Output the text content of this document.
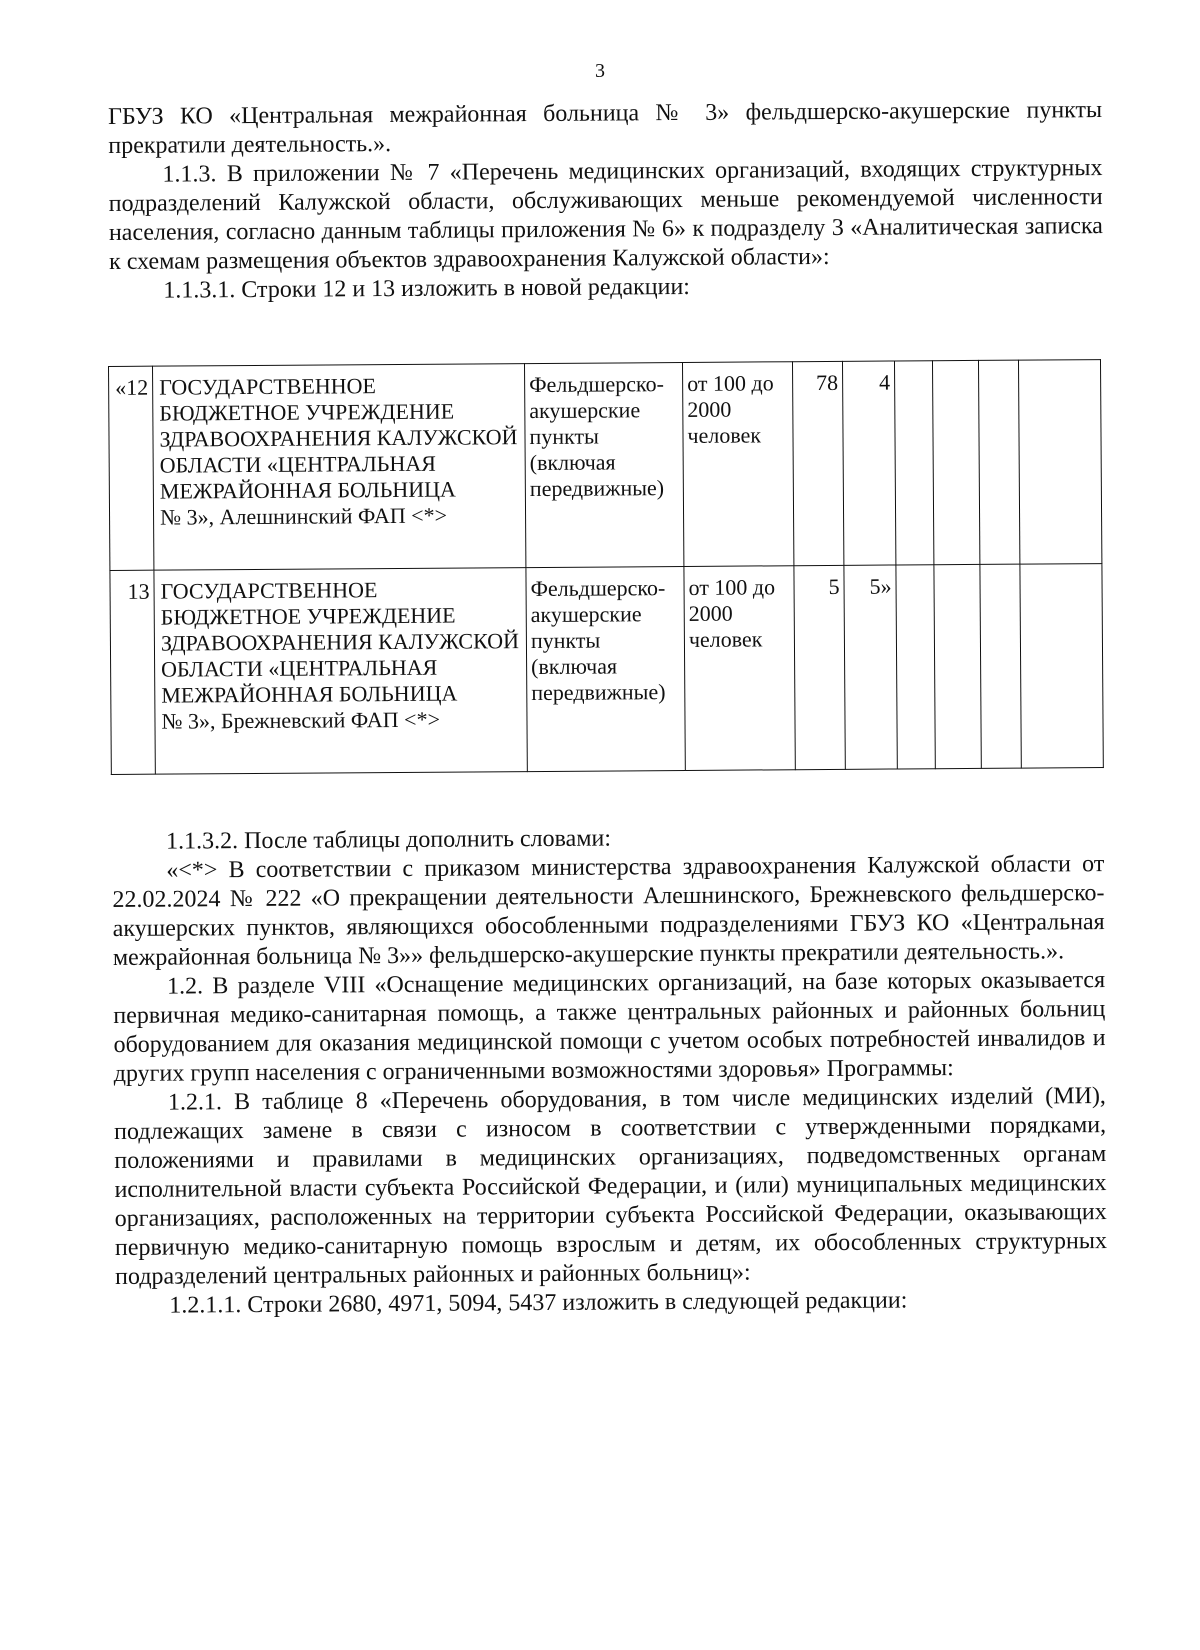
3

ГБУЗ КО «Центральная межрайонная больница № 3» фельдшерско-акушерские пункты прекратили деятельность.».

1.1.3. В приложении № 7 «Перечень медицинских организаций, входящих структурных подразделений Калужской области, обслуживающих меньше рекомендуемой численности населения, согласно данным таблицы приложения № 6» к подразделу 3 «Аналитическая записка к схемам размещения объектов здравоохранения Калужской области»:

1.1.3.1. Строки 12 и 13 изложить в новой редакции:

«12	ГОСУДАРСТВЕННОЕ БЮДЖЕТНОЕ УЧРЕЖДЕНИЕ ЗДРАВООХРАНЕНИЯ КАЛУЖСКОЙ ОБЛАСТИ «ЦЕНТРАЛЬНАЯ МЕЖРАЙОННАЯ БОЛЬНИЦА
№ 3», Алешнинский ФАП <*>	Фельдшерско-акушерские пункты (включая передвижные)	от 100 до 2000 человек	78	4				
13	ГОСУДАРСТВЕННОЕ БЮДЖЕТНОЕ УЧРЕЖДЕНИЕ ЗДРАВООХРАНЕНИЯ КАЛУЖСКОЙ ОБЛАСТИ «ЦЕНТРАЛЬНАЯ МЕЖРАЙОННАЯ БОЛЬНИЦА
№ 3», Брежневский ФАП <*>	Фельдшерско-акушерские пункты (включая передвижные)	от 100 до 2000 человек	5	5»				

1.1.3.2. После таблицы дополнить словами:

«<*> В соответствии с приказом министерства здравоохранения Калужской области от 22.02.2024 № 222 «О прекращении деятельности Алешнинского, Брежневского фельдшерско-акушерских пунктов, являющихся обособленными подразделениями ГБУЗ КО «Центральная межрайонная больница № 3»» фельдшерско-акушерские пункты прекратили деятельность.».

1.2. В разделе VIII «Оснащение медицинских организаций, на базе которых оказывается первичная медико-санитарная помощь, а также центральных районных и районных больниц оборудованием для оказания медицинской помощи с учетом особых потребностей инвалидов и других групп населения с ограниченными возможностями здоровья» Программы:

1.2.1. В таблице 8 «Перечень оборудования, в том числе медицинских изделий (МИ), подлежащих замене в связи с износом в соответствии с утвержденными порядками, положениями и правилами в медицинских организациях, подведомственных органам исполнительной власти субъекта Российской Федерации, и (или) муниципальных медицинских организациях, расположенных на территории субъекта Российской Федерации, оказывающих первичную медико-санитарную помощь взрослым и детям, их обособленных структурных подразделений центральных районных и районных больниц»:

1.2.1.1. Строки 2680, 4971, 5094, 5437 изложить в следующей редакции:
